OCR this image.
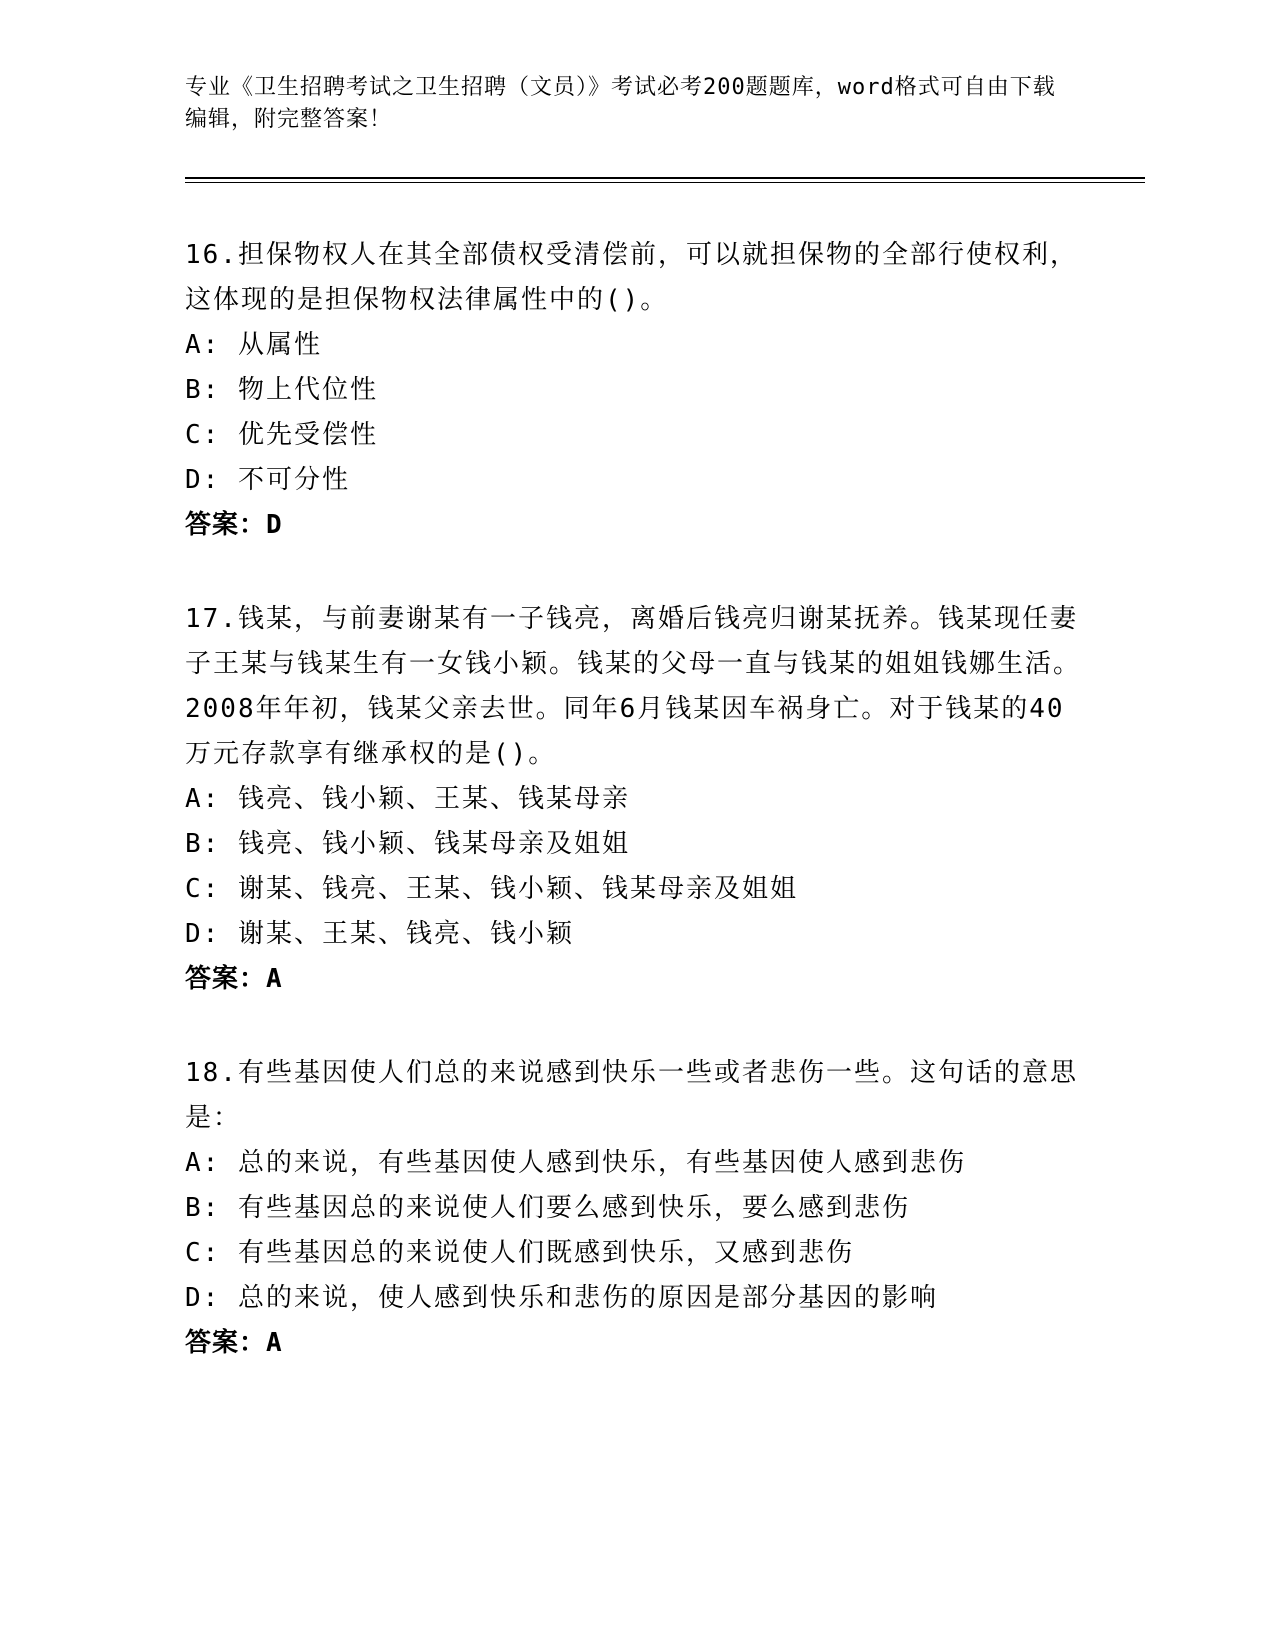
专业《卫生招聘考试之卫生招聘（文员）》考试必考200题题库，word格式可自由下载编辑，附完整答案！
16.担保物权人在其全部债权受清偿前，可以就担保物的全部行使权利，这体现的是担保物权法律属性中的()。
A: 从属性
B: 物上代位性
C: 优先受偿性
D: 不可分性
答案：D
17.钱某，与前妻谢某有一子钱亮，离婚后钱亮归谢某抚养。钱某现任妻子王某与钱某生有一女钱小颖。钱某的父母一直与钱某的姐姐钱娜生活。2008年年初，钱某父亲去世。同年6月钱某因车祸身亡。对于钱某的40万元存款享有继承权的是()。
A: 钱亮、钱小颖、王某、钱某母亲
B: 钱亮、钱小颖、钱某母亲及姐姐
C: 谢某、钱亮、王某、钱小颖、钱某母亲及姐姐
D: 谢某、王某、钱亮、钱小颖
答案：A
18.有些基因使人们总的来说感到快乐一些或者悲伤一些。这句话的意思是：
A: 总的来说，有些基因使人感到快乐，有些基因使人感到悲伤
B: 有些基因总的来说使人们要么感到快乐，要么感到悲伤
C: 有些基因总的来说使人们既感到快乐，又感到悲伤
D: 总的来说，使人感到快乐和悲伤的原因是部分基因的影响
答案：A
